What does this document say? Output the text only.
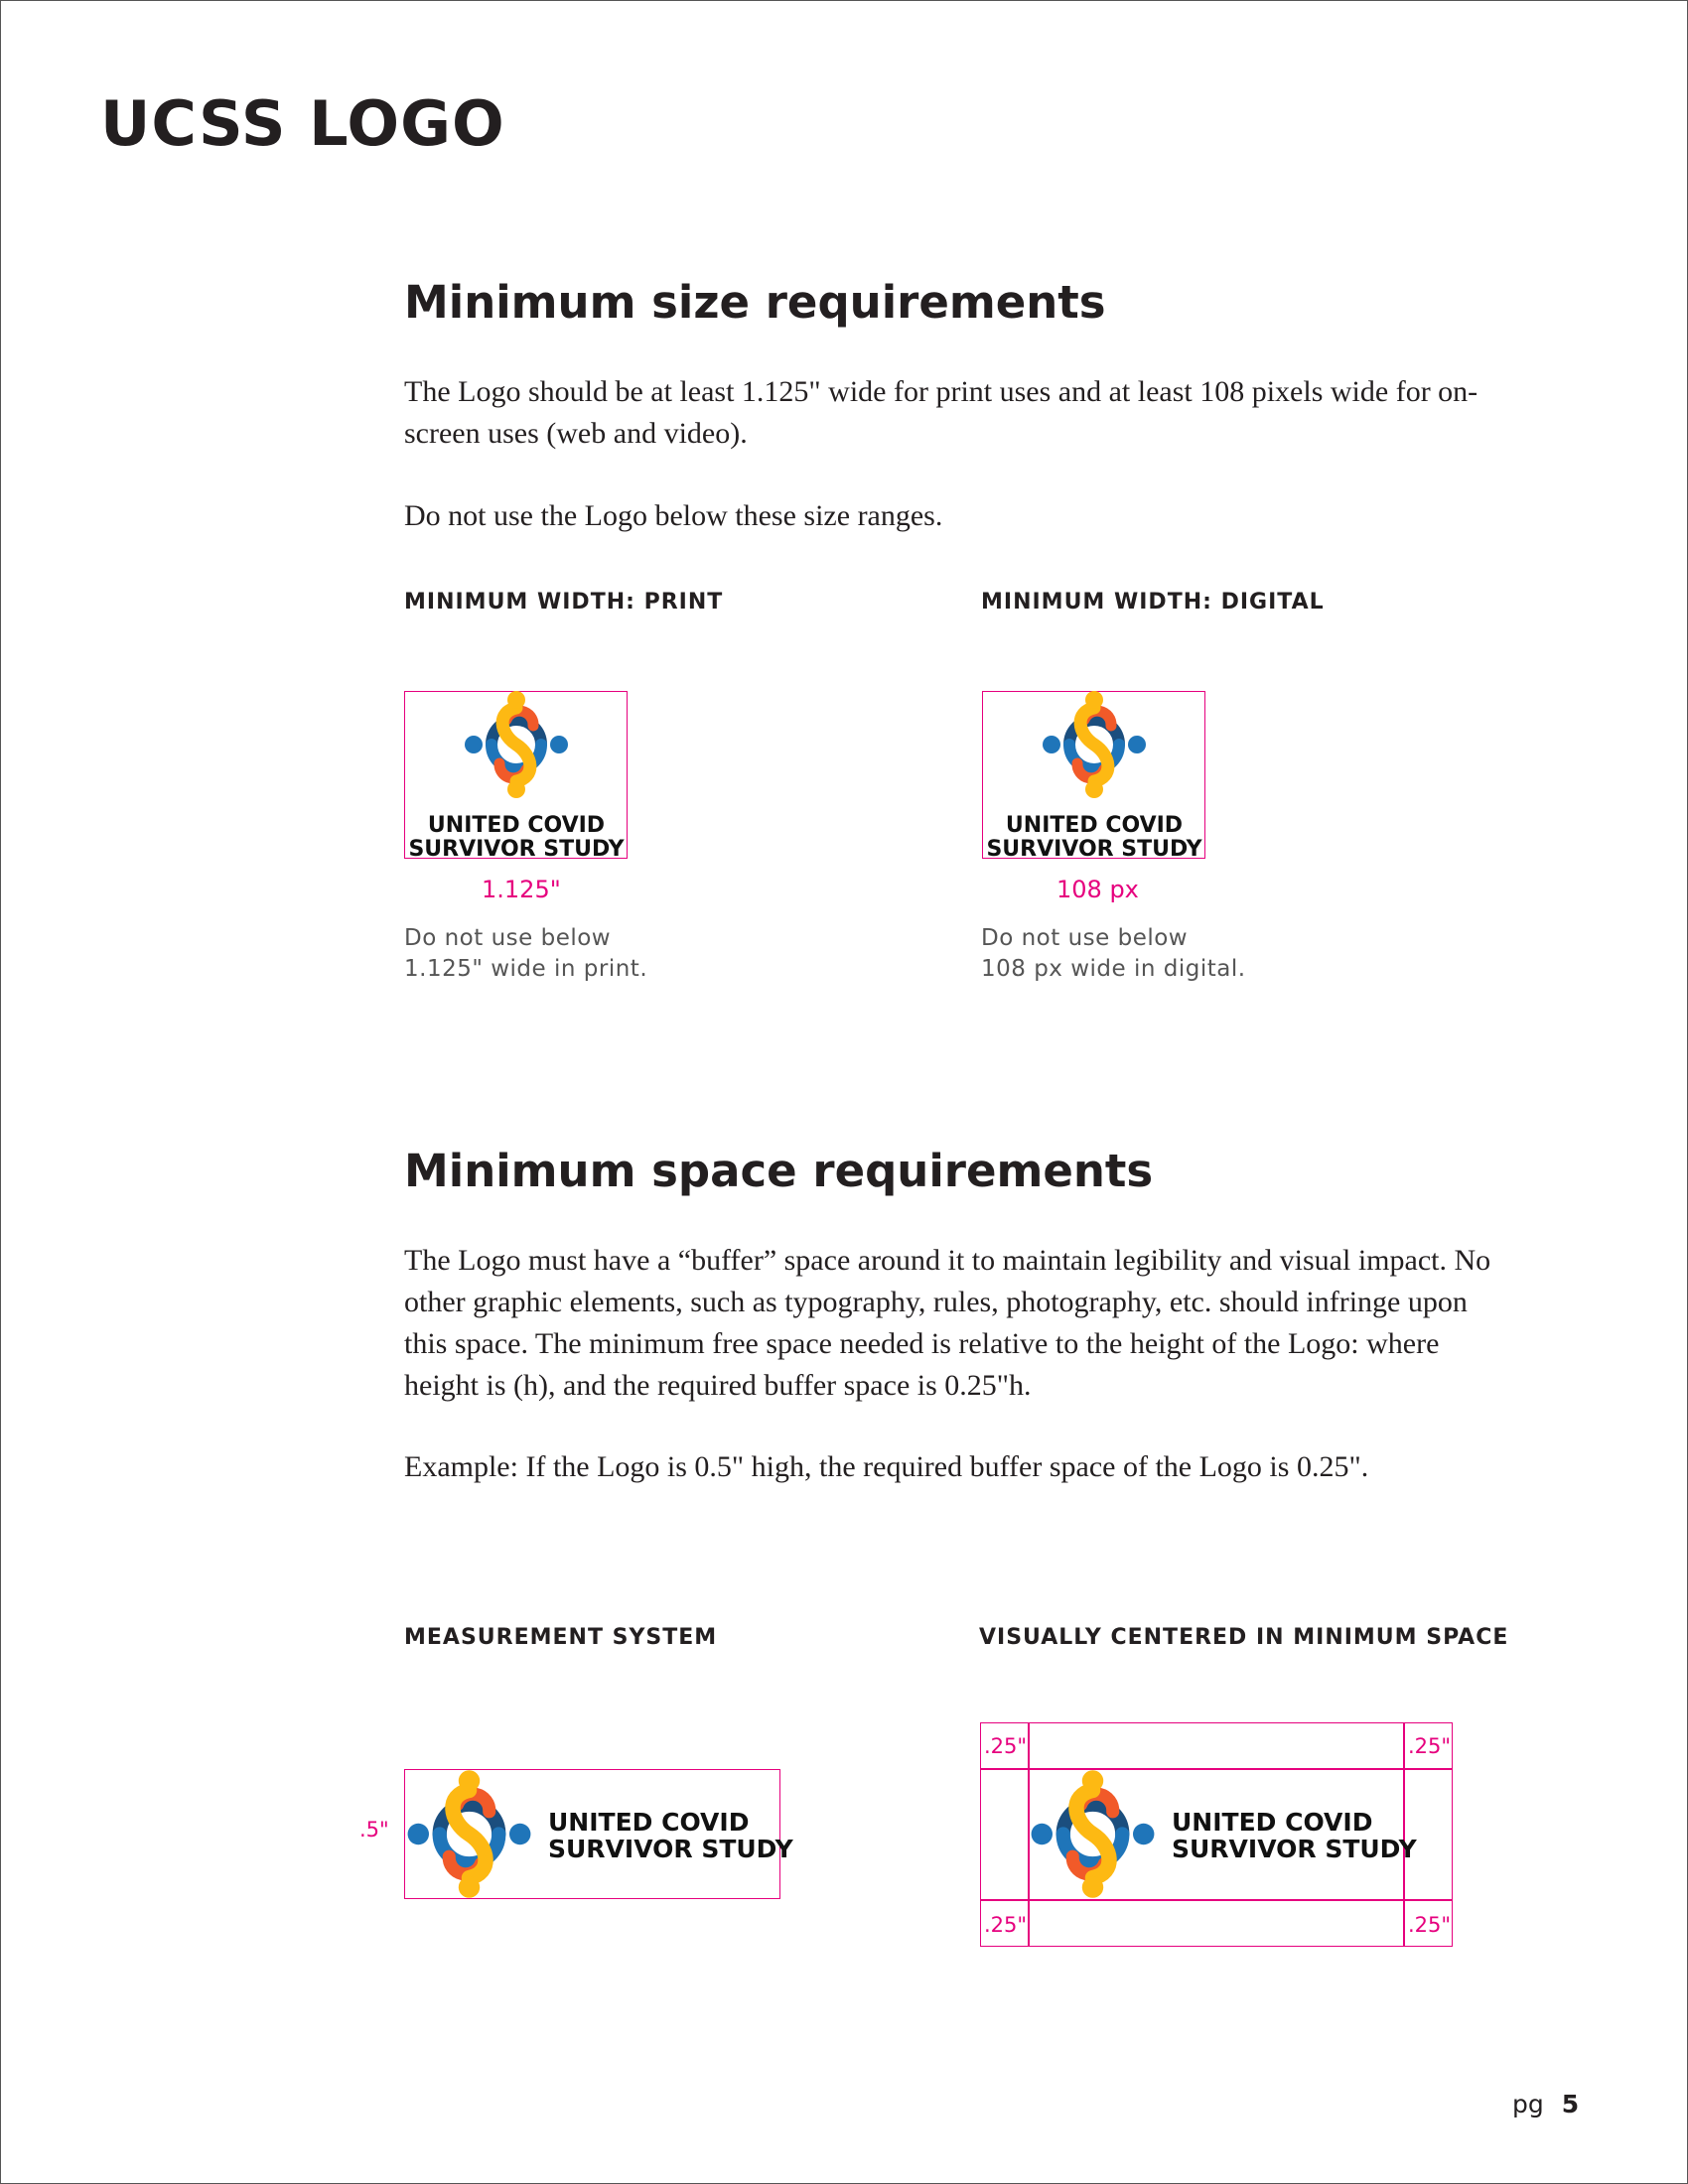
UCSS LOGO
Minimum size requirements

The Logo should be at least 1.125" wide for print uses and at least 108 pixels wide for on-screen uses (web and video).

Do not use the Logo below these size ranges.

MINIMUM WIDTH: PRINT	MINIMUM WIDTH: DIGITAL
UNITED COVID
SURVIVOR STUDY
1.125"
Do not use below
1.125" wide in print.
UNITED COVID
SURVIVOR STUDY
108 px
Do not use below
108 px wide in digital.
Minimum space requirements

The Logo must have a “buffer” space around it to maintain legibility and visual impact. No other graphic elements, such as typography, rules, photography, etc. should infringe upon this space. The minimum free space needed is relative to the height of the Logo: where height is (h), and the required buffer space is 0.25"h.

Example: If the Logo is 0.5" high, the required buffer space of the Logo is 0.25".

MEASUREMENT SYSTEM	VISUALLY CENTERED IN MINIMUM SPACE
.5"	UNITED COVID
SURVIVOR STUDY
.25"	.25"
.25"	.25"
UNITED COVID
SURVIVOR STUDY
pg 5
